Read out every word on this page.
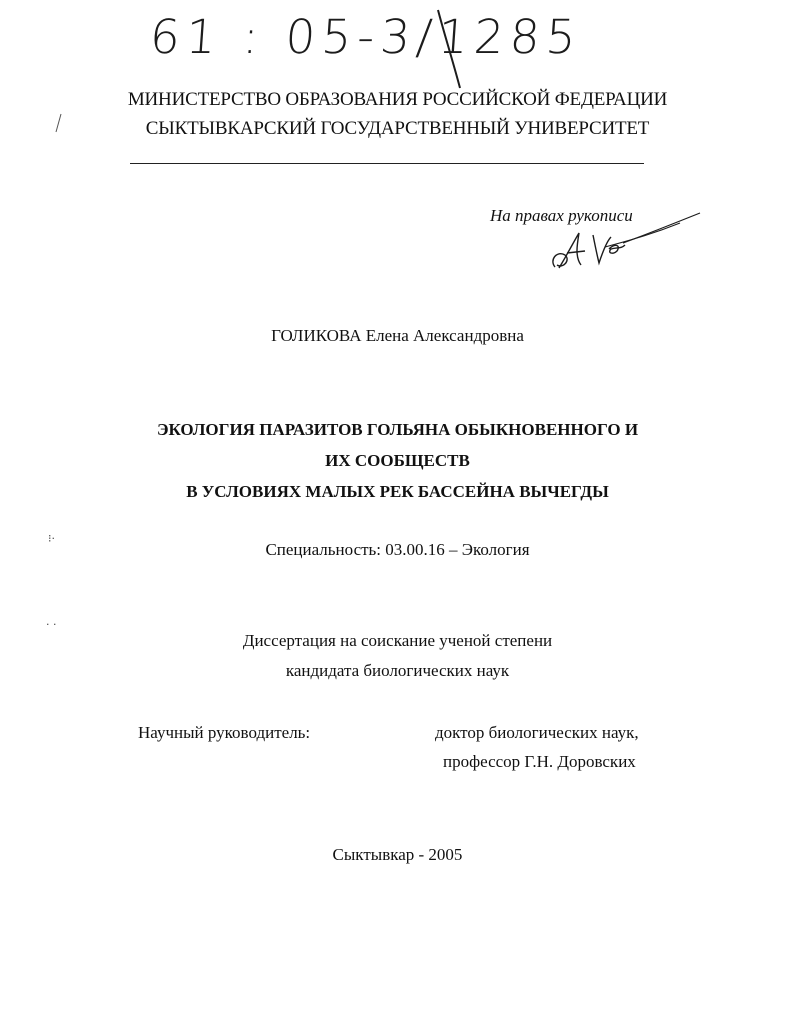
61 : 05-3/1285
МИНИСТЕРСТВО ОБРАЗОВАНИЯ РОССИЙСКОЙ ФЕДЕРАЦИИ
СЫКТЫВКАРСКИЙ ГОСУДАРСТВЕННЫЙ УНИВЕРСИТЕТ
На правах рукописи
ГОЛИКОВА Елена Александровна
ЭКОЛОГИЯ ПАРАЗИТОВ ГОЛЬЯНА ОБЫКНОВЕННОГО И
ИХ СООБЩЕСТВ
В УСЛОВИЯХ МАЛЫХ РЕК БАССЕЙНА ВЫЧЕГДЫ
Специальность: 03.00.16 – Экология
Диссертация на соискание ученой степени
кандидата биологических наук
Научный руководитель:	доктор биологических наук,
профессор Г.Н. Доровских
Сыктывкар - 2005
⁝·
· ·
